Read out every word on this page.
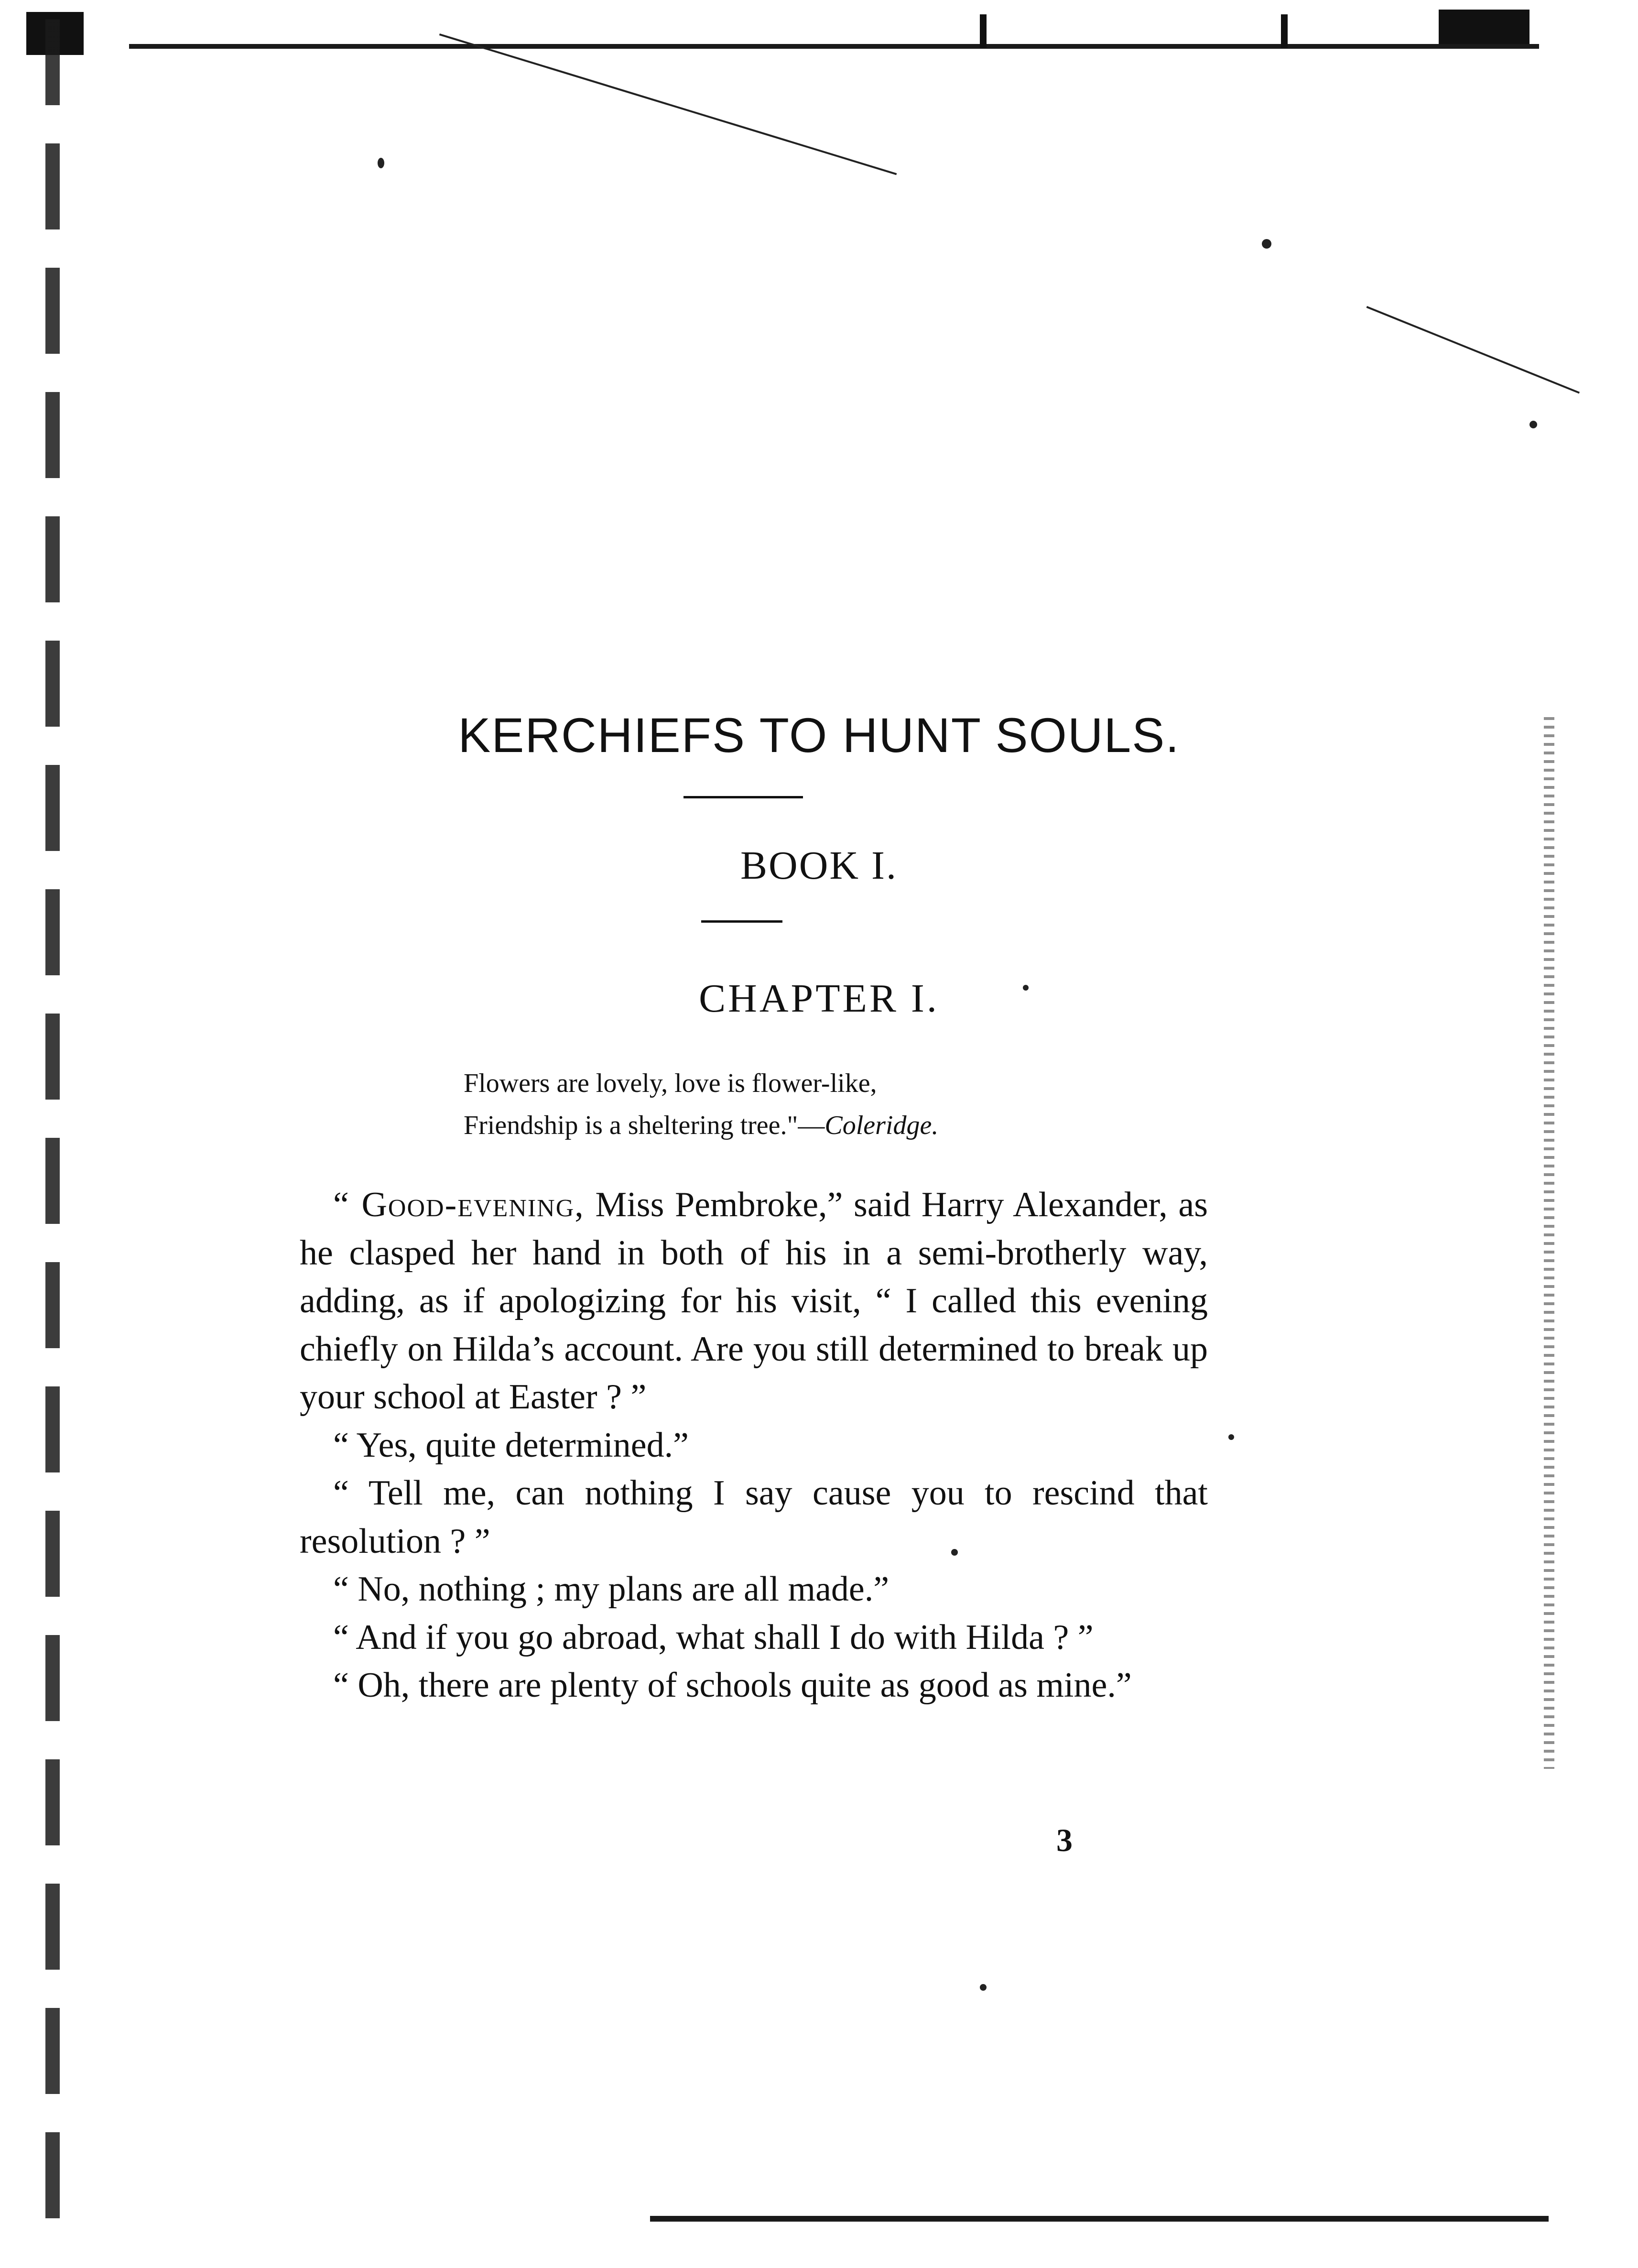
KERCHIEFS TO HUNT SOULS.
BOOK I.
CHAPTER I.
Flowers are lovely, love is flower-like,
Friendship is a sheltering tree."—Coleridge.

“ Good-evening, Miss Pembroke,” said Harry Alexander, as he clasped her hand in both of his in a semi-brotherly way, adding, as if apologizing for his visit, “ I called this evening chiefly on Hilda’s account. Are you still determined to break up your school at Easter ? ”

“ Yes, quite determined.”

“ Tell me, can nothing I say cause you to rescind that resolution ? ”

“ No, nothing ; my plans are all made.”

“ And if you go abroad, what shall I do with Hilda ? ”

“ Oh, there are plenty of schools quite as good as mine.”

3
